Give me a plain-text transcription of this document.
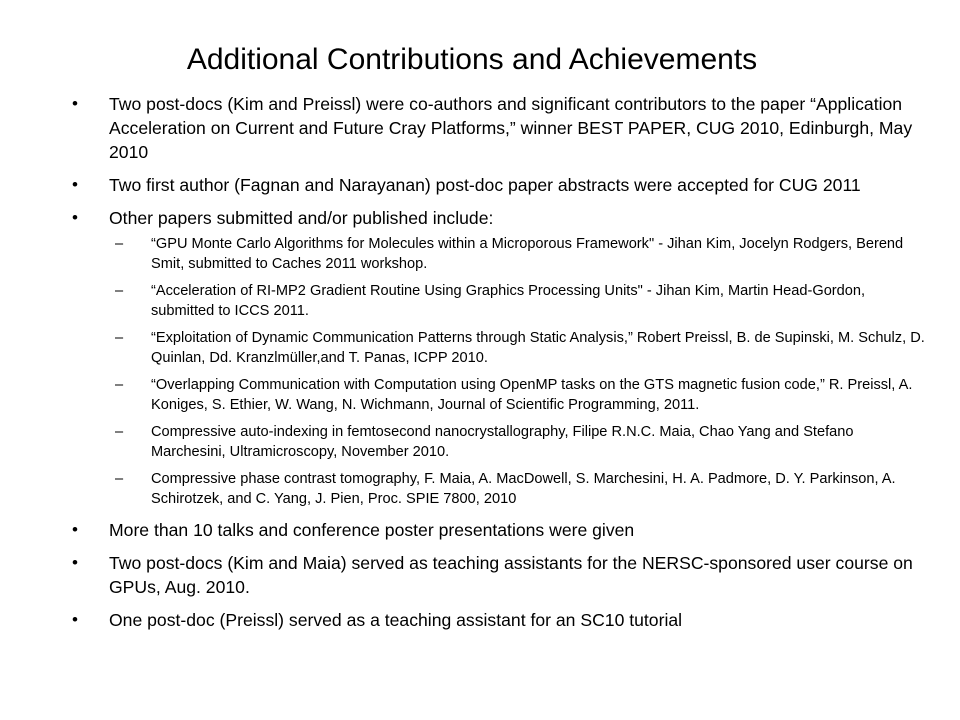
Additional Contributions and Achievements
• Two post-docs (Kim and Preissl) were co-authors and significant contributors to the paper “Application Acceleration on Current and Future Cray Platforms,” winner BEST PAPER, CUG 2010, Edinburgh, May 2010
• Two first author (Fagnan and Narayanan) post-doc paper abstracts were accepted for CUG 2011
• Other papers submitted and/or published include:
– “GPU Monte Carlo Algorithms for Molecules within a Microporous Framework" - Jihan Kim, Jocelyn Rodgers, Berend Smit, submitted to Caches 2011 workshop.
– “Acceleration of RI-MP2 Gradient Routine Using Graphics Processing Units" - Jihan Kim, Martin Head-Gordon, submitted to ICCS 2011.
– “Exploitation of Dynamic Communication Patterns through Static Analysis,” Robert Preissl, B. de Supinski, M. Schulz, D. Quinlan, Dd. Kranzlmüller,and T. Panas, ICPP 2010.
– “Overlapping Communication with Computation using OpenMP tasks on the GTS magnetic fusion code,” R. Preissl, A. Koniges, S. Ethier, W. Wang, N. Wichmann, Journal of Scientific Programming, 2011.
– Compressive auto-indexing in femtosecond nanocrystallography, Filipe R.N.C. Maia, Chao Yang and Stefano Marchesini, Ultramicroscopy, November 2010.
– Compressive phase contrast tomography, F. Maia, A. MacDowell, S. Marchesini, H. A. Padmore, D. Y. Parkinson, A. Schirotzek, and C. Yang, J. Pien, Proc. SPIE 7800, 2010
• More than 10 talks and conference poster presentations were given
• Two post-docs (Kim and Maia) served as teaching assistants for the NERSC-sponsored user course on GPUs, Aug. 2010.
• One post-doc (Preissl) served as a teaching assistant for an SC10 tutorial
